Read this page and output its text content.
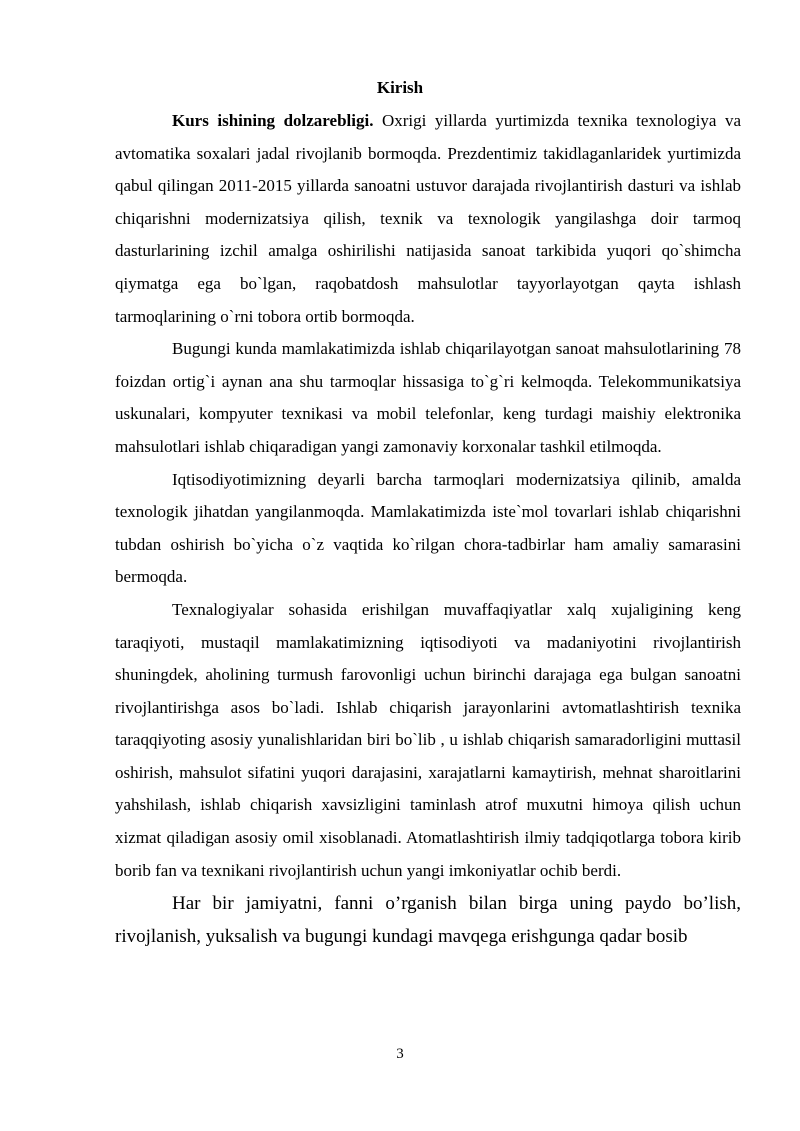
Kirish

Kurs ishining dolzarebligi. Oxrigi yillarda yurtimizda texnika texnologiya va avtomatika soxalari jadal rivojlanib bormoqda. Prezdentimiz takidlaganlaridek yurtimizda qabul qilingan 2011-2015 yillarda sanoatni ustuvor darajada rivojlantirish dasturi va ishlab chiqarishni modernizatsiya qilish, texnik va texnologik yangilashga doir tarmoq dasturlarining izchil amalga oshirilishi natijasida sanoat tarkibida yuqori qo`shimcha qiymatga ega bo`lgan, raqobatdosh mahsulotlar tayyorlayotgan qayta ishlash tarmoqlarining o`rni tobora ortib bormoqda.

Bugungi kunda mamlakatimizda ishlab chiqarilayotgan sanoat mahsulotlarining 78 foizdan ortig`i aynan ana shu tarmoqlar hissasiga to`g`ri kelmoqda. Telekommunikatsiya uskunalari, kompyuter texnikasi va mobil telefonlar, keng turdagi maishiy elektronika mahsulotlari ishlab chiqaradigan yangi zamonaviy korxonalar tashkil etilmoqda.

Iqtisodiyotimizning deyarli barcha tarmoqlari modernizatsiya qilinib, amalda texnologik jihatdan yangilanmoqda. Mamlakatimizda iste`mol tovarlari ishlab chiqarishni tubdan oshirish bo`yicha o`z vaqtida ko`rilgan chora-tadbirlar ham amaliy samarasini bermoqda.

Texnalogiyalar sohasida erishilgan muvaffaqiyatlar xalq xujaligining keng taraqiyoti, mustaqil mamlakatimizning iqtisodiyoti va madaniyotini rivojlantirish shuningdek, aholining turmush farovonligi uchun birinchi darajaga ega bulgan sanoatni rivojlantirishga asos bo`ladi. Ishlab chiqarish jarayonlarini avtomatlashtirish texnika taraqqiyoting asosiy yunalishlaridan biri bo`lib , u ishlab chiqarish samaradorligini muttasil oshirish, mahsulot sifatini yuqori darajasini, xarajatlarni kamaytirish, mehnat sharoitlarini yahshilash, ishlab chiqarish xavsizligini taminlash atrof muxutni himoya qilish uchun xizmat qiladigan asosiy omil xisoblanadi. Atomatlashtirish ilmiy tadqiqotlarga tobora kirib borib fan va texnikani rivojlantirish uchun yangi imkoniyatlar ochib berdi.

Har bir jamiyatni, fanni o’rganish bilan birga uning paydo bo’lish, rivojlanish, yuksalish va bugungi kundagi mavqega erishgunga qadar bosib

3
